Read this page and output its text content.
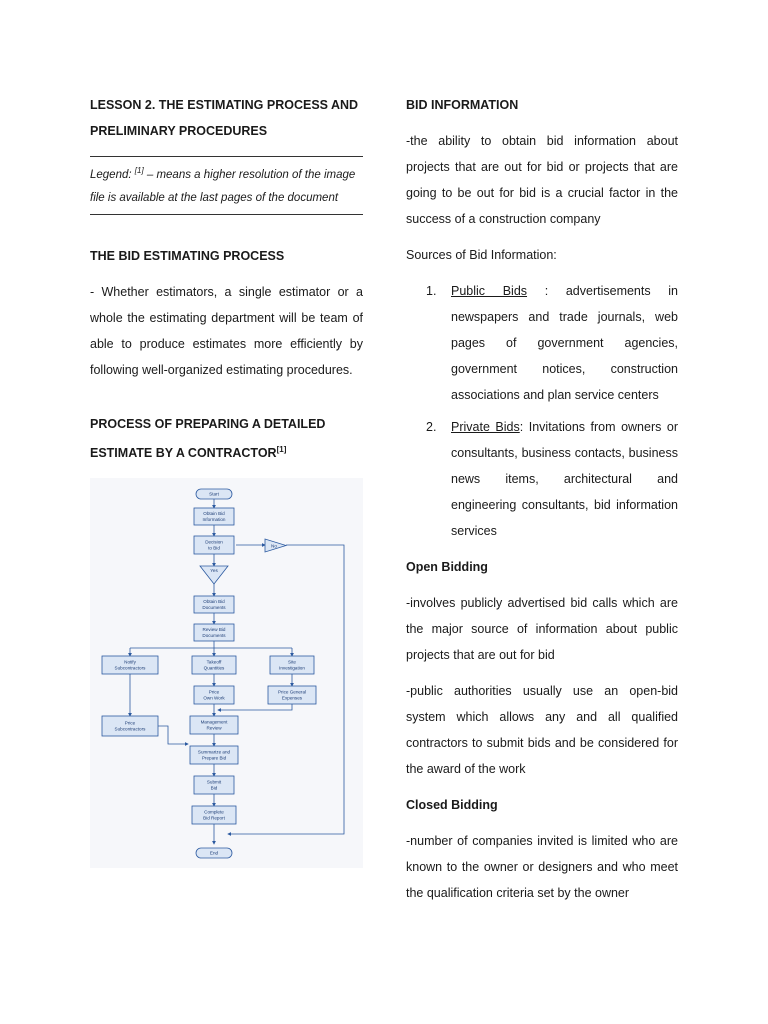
LESSON 2. THE ESTIMATING PROCESS AND
PRELIMINARY PROCEDURES

Legend: [1] – means a higher resolution of the image file is available at the last pages of the document

THE BID ESTIMATING PROCESS

- Whether estimators, a single estimator or a whole the estimating department will be team of able to produce estimates more efficiently by following well-organized estimating procedures.

PROCESS OF PREPARING A DETAILED ESTIMATE BY A CONTRACTOR[1]

Start
Obtain Bid
Information
Decision
to Bid	No
Yes
Obtain Bid
Documents
Review Bid
Documents
Notify
Subcontractors
Takeoff
Quantities
Site
Investigation
Price
Own Work
Price General
Expenses
Price
Subcontractors
Management
Review
Summarize and
Prepare Bid
Submit
Bid
Complete
Bid Report
End

BID INFORMATION

-the ability to obtain bid information about projects that are out for bid or projects that are going to be out for bid is a crucial factor in the success of a construction company

Sources of Bid Information:

1. Public Bids : advertisements in newspapers and trade journals, web pages of government agencies, government notices, construction associations and plan service centers

2. Private Bids: Invitations from owners or consultants, business contacts, business news items, architectural and engineering consultants, bid information services

Open Bidding

-involves publicly advertised bid calls which are the major source of information about public projects that are out for bid

-public authorities usually use an open-bid system which allows any and all qualified contractors to submit bids and be considered for the award of the work

Closed Bidding

-number of companies invited is limited who are known to the owner or designers and who meet the qualification criteria set by the owner
